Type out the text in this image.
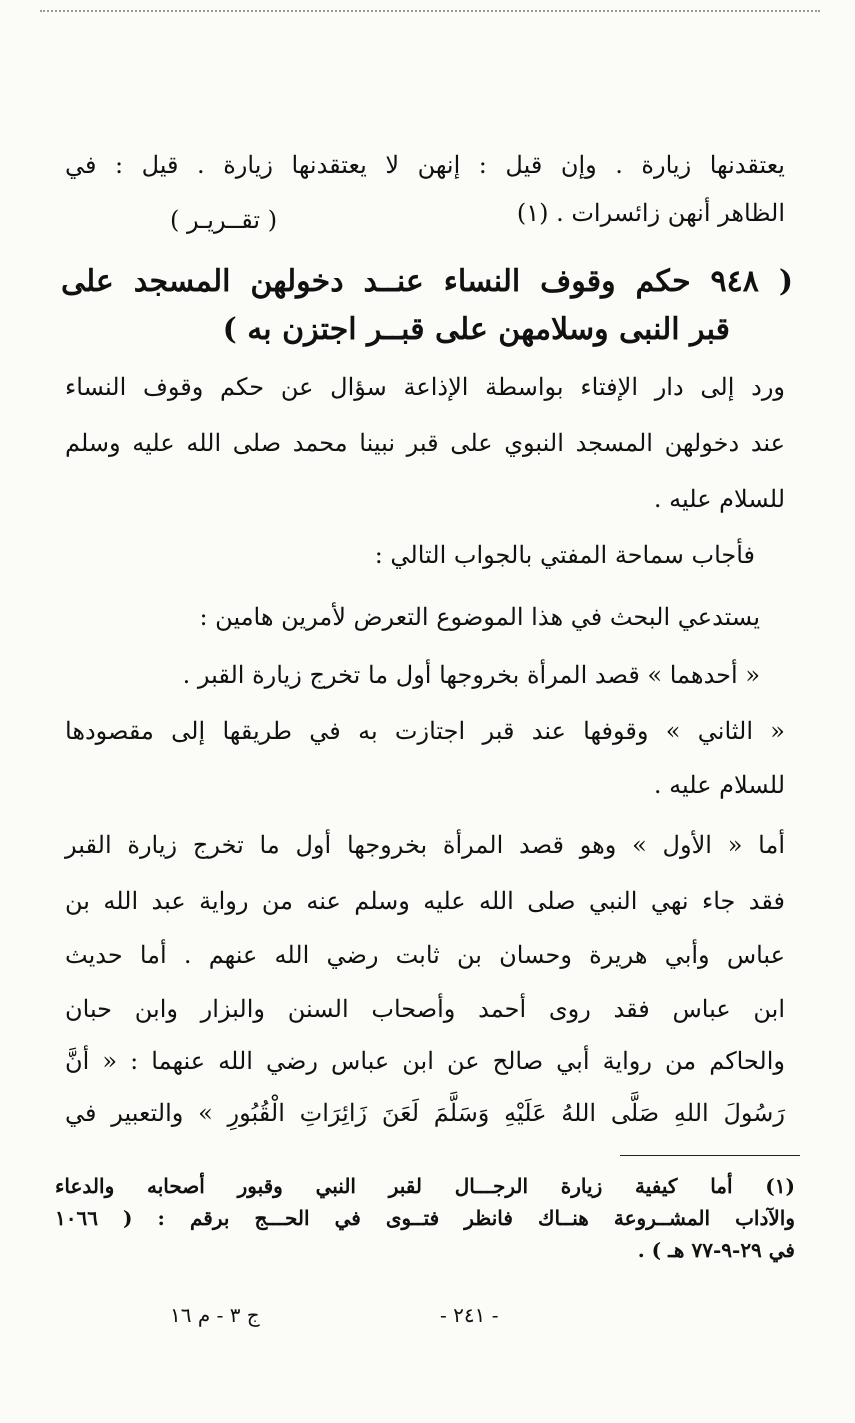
يعتقدنها زيارة . وإن قيل : إنهن لا يعتقدنها زيارة . قيل : في
الظاهر أنهن زائسرات . (١)
( تقــريـر )
( ٩٤٨ حكم وقوف النساء عنــد دخولهن المسجد على
قبر النبى وسلامهن على قبــر اجتزن به )
ورد إلى دار الإفتاء بواسطة الإذاعة سؤال عن حكم وقوف النساء
عند دخولهن المسجد النبوي على قبر نبينا محمد صلى الله عليه وسلم
للسلام عليه .
فأجاب سماحة المفتي بالجواب التالي :
يستدعي البحث في هذا الموضوع التعرض لأمرين هامين :
« أحدهما » قصد المرأة بخروجها أول ما تخرج زيارة القبر .
« الثاني » وقوفها عند قبر اجتازت به في طريقها إلى مقصودها
للسلام عليه .
أما « الأول » وهو قصد المرأة بخروجها أول ما تخرج زيارة القبر
فقد جاء نهي النبي صلى الله عليه وسلم عنه من رواية عبد الله بن
عباس وأبي هريرة وحسان بن ثابت رضي الله عنهم . أما حديث
ابن عباس فقد روى أحمد وأصحاب السنن والبزار وابن حبان
والحاكم من رواية أبي صالح عن ابن عباس رضي الله عنهما : « أنَّ
رَسُولَ اللهِ صَلَّى اللهُ عَلَيْهِ وَسَلَّمَ لَعَنَ زَائِرَاتِ الْقُبُورِ » والتعبير في
(١) أما كيفية زيارة الرجـــال لقبر النبي وقبور أصحابه والدعاء
والآداب المشــروعة هنــاك فانظر فتــوى في الحـــج برقم : ( ١٠٦٦
في ٢٩-٩-٧٧ هـ ) .
- ٢٤١ -
ج ٣ - م ١٦
